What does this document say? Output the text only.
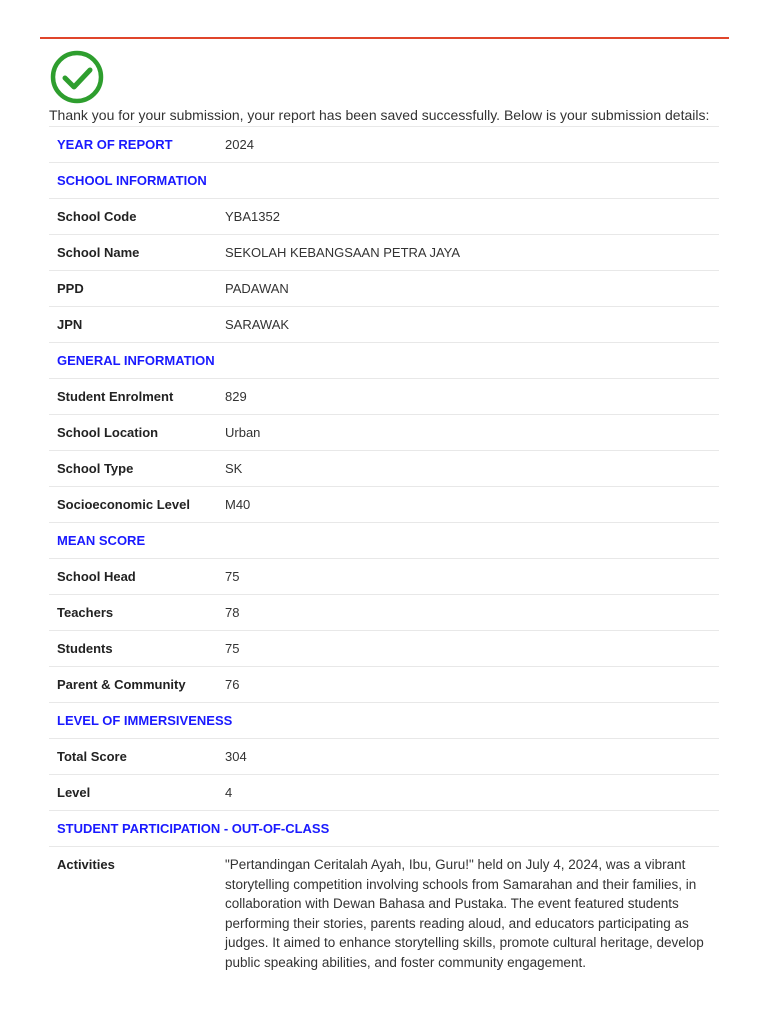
Thank you for your submission, your report has been saved successfully. Below is your submission details:
YEAR OF REPORT	2024
SCHOOL INFORMATION
School Code	YBA1352
School Name	SEKOLAH KEBANGSAAN PETRA JAYA
PPD	PADAWAN
JPN	SARAWAK
GENERAL INFORMATION
Student Enrolment	829
School Location	Urban
School Type	SK
Socioeconomic Level	M40
MEAN SCORE
School Head	75
Teachers	78
Students	75
Parent & Community	76
LEVEL OF IMMERSIVENESS
Total Score	304
Level	4
STUDENT PARTICIPATION - OUT-OF-CLASS
Activities	"Pertandingan Ceritalah Ayah, Ibu, Guru!" held on July 4, 2024, was a vibrant storytelling competition involving schools from Samarahan and their families, in collaboration with Dewan Bahasa and Pustaka. The event featured students performing their stories, parents reading aloud, and educators participating as judges. It aimed to enhance storytelling skills, promote cultural heritage, develop public speaking abilities, and foster community engagement.
